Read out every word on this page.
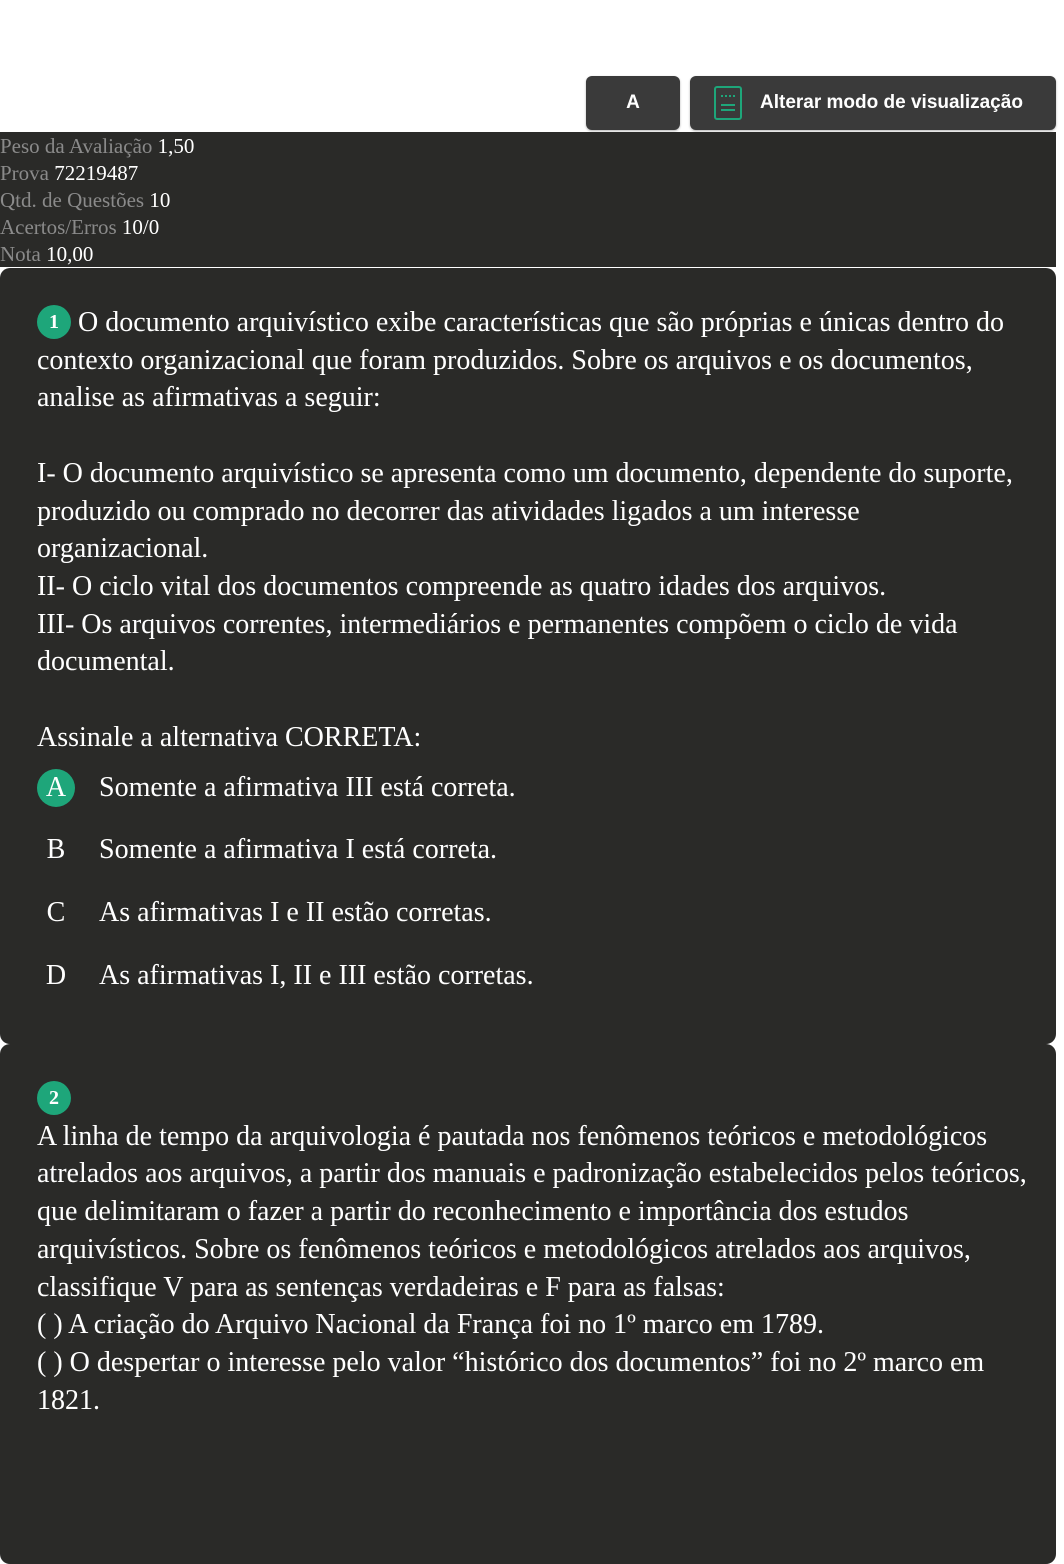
A	Alterar modo de visualização
Peso da Avaliação 1,50
Prova 72219487
Qtd. de Questões 10
Acertos/Erros 10/0
Nota 10,00
1 O documento arquivístico exibe características que são próprias e únicas dentro do contexto organizacional que foram produzidos. Sobre os arquivos e os documentos, analise as afirmativas a seguir:
I- O documento arquivístico se apresenta como um documento, dependente do suporte, produzido ou comprado no decorrer das atividades ligados a um interesse organizacional.
II- O ciclo vital dos documentos compreende as quatro idades dos arquivos.
III- Os arquivos correntes, intermediários e permanentes compõem o ciclo de vida documental.
Assinale a alternativa CORRETA:
A	Somente a afirmativa III está correta.
B	Somente a afirmativa I está correta.
C	As afirmativas I e II estão corretas.
D	As afirmativas I, II e III estão corretas.
2
A linha de tempo da arquivologia é pautada nos fenômenos teóricos e metodológicos atrelados aos arquivos, a partir dos manuais e padronização estabelecidos pelos teóricos, que delimitaram o fazer a partir do reconhecimento e importância dos estudos arquivísticos. Sobre os fenômenos teóricos e metodológicos atrelados aos arquivos, classifique V para as sentenças verdadeiras e F para as falsas:
( ) A criação do Arquivo Nacional da França foi no 1º marco em 1789.
( ) O despertar o interesse pelo valor “histórico dos documentos” foi no 2º marco em 1821.
